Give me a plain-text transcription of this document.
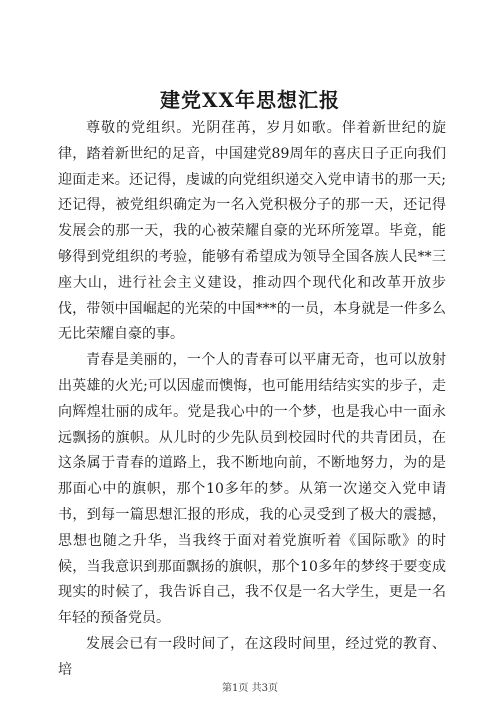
建党XX年思想汇报

尊敬的党组织。光阴荏苒，岁月如歌。伴着新世纪的旋律，踏着新世纪的足音，中国建党89周年的喜庆日子正向我们迎面走来。还记得，虔诚的向党组织递交入党申请书的那一天;还记得，被党组织确定为一名入党积极分子的那一天，还记得发展会的那一天，我的心被荣耀自豪的光环所笼罩。毕竟，能够得到党组织的考验，能够有希望成为领导全国各族人民**三座大山，进行社会主义建设，推动四个现代化和改革开放步伐，带领中国崛起的光荣的中国***的一员，本身就是一件多么无比荣耀自豪的事。

青春是美丽的，一个人的青春可以平庸无奇，也可以放射出英雄的火光;可以因虚而懊悔，也可能用结结实实的步子，走向辉煌壮丽的成年。党是我心中的一个梦，也是我心中一面永远飘扬的旗帜。从儿时的少先队员到校园时代的共青团员，在这条属于青春的道路上，我不断地向前，不断地努力，为的是那面心中的旗帜，那个10多年的梦。从第一次递交入党申请书，到每一篇思想汇报的形成，我的心灵受到了极大的震撼，思想也随之升华，当我终于面对着党旗听着《国际歌》的时候，当我意识到那面飘扬的旗帜，那个10多年的梦终于要变成现实的时候了，我告诉自己，我不仅是一名大学生，更是一名年轻的预备党员。

发展会已有一段时间了，在这段时间里，经过党的教育、培

第1页 共3页
